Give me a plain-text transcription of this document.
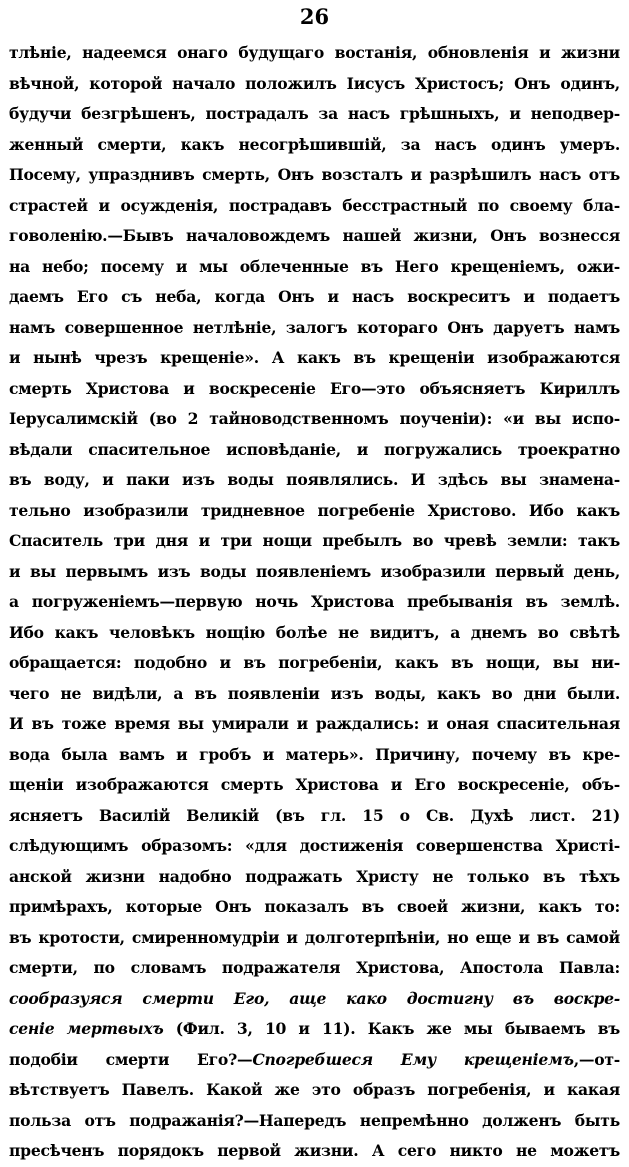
26
тлѣніе, надеемся онаго будущаго востанія, обновленія и жизни
вѣчной, которой начало положилъ Іисусъ Христосъ; Онъ одинъ,
будучи безгрѣшенъ, пострадалъ за насъ грѣшныхъ, и неподвер-
женный смерти, какъ несогрѣшившій, за насъ одинъ умеръ.
Посему, упразднивъ смерть, Онъ возсталъ и разрѣшилъ насъ отъ
страстей и осужденія, пострадавъ бесстрастный по своему бла-
говоленію.—Бывъ началовождемъ нашей жизни, Онъ вознесся
на небо; посему и мы облеченные въ Него крещеніемъ, ожи-
даемъ Его съ неба, когда Онъ и насъ воскреситъ и подаетъ
намъ совершенное нетлѣніе, залогъ котораго Онъ даруетъ намъ
и нынѣ чрезъ крещеніе». А какъ въ крещеніи изображаются
смерть Христова и воскресеніе Его—это объясняетъ Кириллъ
Іерусалимскій (во 2 тайноводственномъ поученіи): «и вы испо-
вѣдали спасительное исповѣданіе, и погружались троекратно
въ воду, и паки изъ воды появлялись. И здѣсь вы знамена-
тельно изобразили тридневное погребеніе Христово. Ибо какъ
Спаситель три дня и три нощи пребылъ во чревѣ земли: такъ
и вы первымъ изъ воды появленіемъ изобразили первый день,
а погруженіемъ—первую ночь Христова пребыванія въ землѣ.
Ибо какъ человѣкъ нощію болѣе не видитъ, а днемъ во свѣтѣ
обращается: подобно и въ погребеніи, какъ въ нощи, вы ни-
чего не видѣли, а въ появленіи изъ воды, какъ во дни были.
И въ тоже время вы умирали и раждались: и оная спасительная
вода была вамъ и гробъ и матерь». Причину, почему въ кре-
щеніи изображаются смерть Христова и Его воскресеніе, объ-
ясняетъ Василій Великій (въ гл. 15 о Св. Духѣ лист. 21)
слѣдующимъ образомъ: «для достиженія совершенства Христі-
анской жизни надобно подражать Христу не только въ тѣхъ
примѣрахъ, которые Онъ показалъ въ своей жизни, какъ то:
въ кротости, смиренномудріи и долготерпѣніи, но еще и въ самой
смерти, по словамъ подражателя Христова, Апостола Павла:
сообразуяся смерти Его, аще како достигну въ воскре-
сеніе мертвыхъ (Фил. 3, 10 и 11). Какъ же мы бываемъ въ
подобіи смерти Его?—Спогребшеся Ему крещеніемъ,—от-
вѣтствуетъ Павелъ. Какой же это образъ погребенія, и какая
польза отъ подражанія?—Напередъ непремѣнно долженъ быть
пресѣченъ порядокъ первой жизни. А сего никто не можетъ
